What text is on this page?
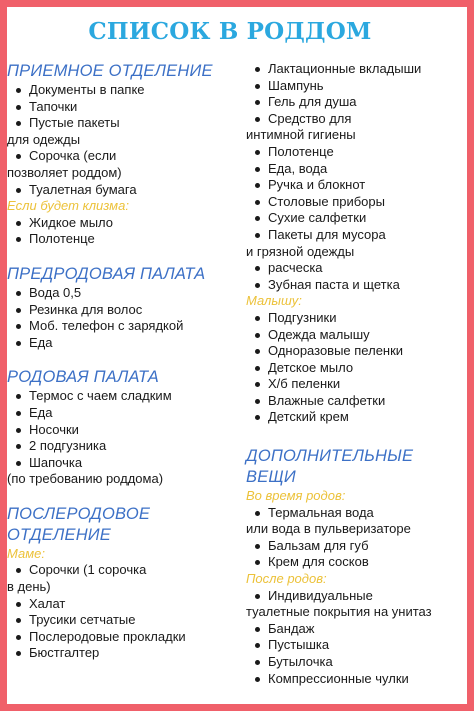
СПИСОК В РОДДОМ

ПРИЕМНОЕ ОТДЕЛЕНИЕ

Документы в папке
Тапочки
Пустые пакеты

для одежды

Сорочка (если

позволяет роддом)

Туалетная бумага

Если будет клизма:

Жидкое мыло
Полотенце

ПРЕДРОДОВАЯ ПАЛАТА

Вода 0,5
Резинка для волос
Моб. телефон с зарядкой
Еда

РОДОВАЯ ПАЛАТА

Термос с чаем сладким
Еда
Носочки
2 подгузника
Шапочка

(по требованию роддома)

ПОСЛЕРОДОВОЕ

ОТДЕЛЕНИЕ

Маме:

Сорочки (1 сорочка

в день)

Халат
Трусики сетчатые
Послеродовые прокладки
Бюстгалтер
Лактационные вкладыши
Шампунь
Гель для душа
Средство для

интимной гигиены

Полотенце
Еда, вода
Ручка и блокнот
Столовые приборы
Сухие салфетки
Пакеты для мусора

и грязной одежды

расческа
Зубная паста и щетка

Малышу:

Подгузники
Одежда малышу
Одноразовые пеленки
Детское мыло
Х/б пеленки
Влажные салфетки
Детский крем

ДОПОЛНИТЕЛЬНЫЕ

ВЕЩИ

Во время родов:

Термальная вода

или вода в пульверизаторе

Бальзам для губ
Крем для сосков

После родов:

Индивидуальные

туалетные покрытия на унитаз

Бандаж
Пустышка
Бутылочка
Компрессионные чулки
